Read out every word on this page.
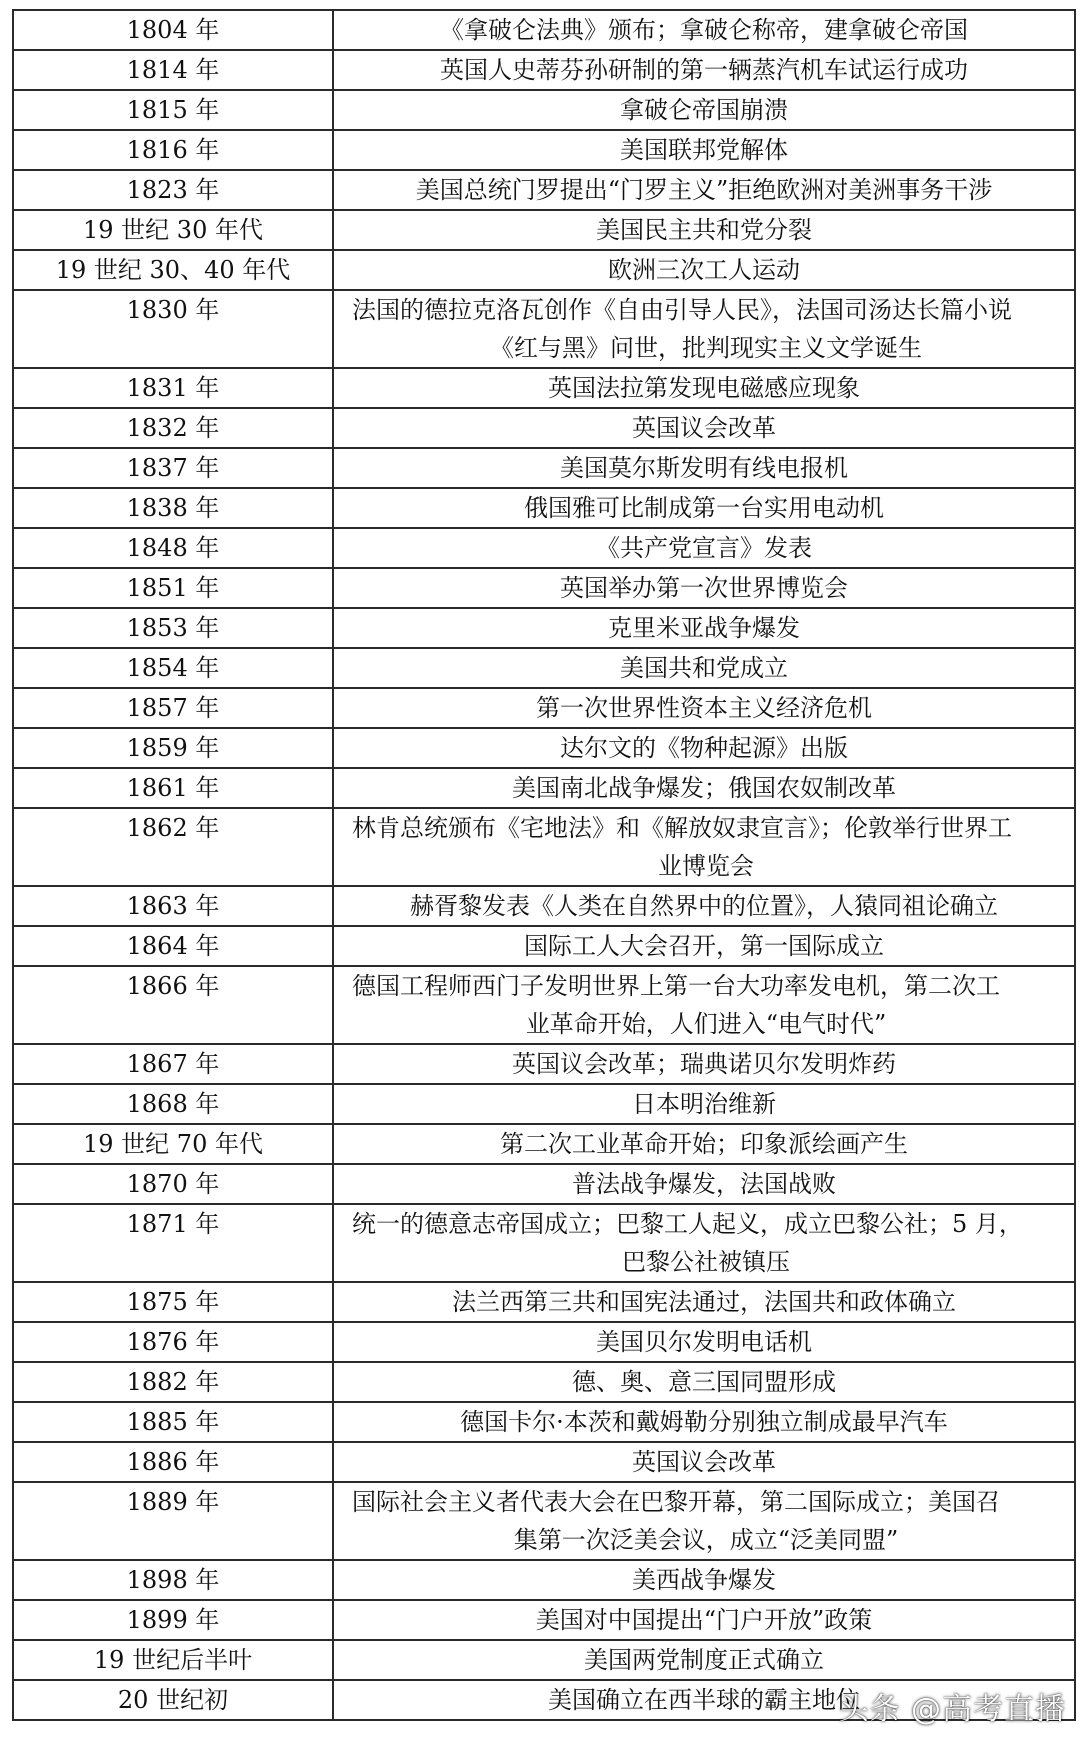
1804 年	《拿破仑法典》颁布；拿破仑称帝，建拿破仑帝国
1814 年	英国人史蒂芬孙研制的第一辆蒸汽机车试运行成功
1815 年	拿破仑帝国崩溃
1816 年	美国联邦党解体
1823 年	美国总统门罗提出“门罗主义”拒绝欧洲对美洲事务干涉
19 世纪 30 年代	美国民主共和党分裂
19 世纪 30、40 年代	欧洲三次工人运动
1830 年	法国的德拉克洛瓦创作《自由引导人民》，法国司汤达长篇小说
《红与黑》问世，批判现实主义文学诞生

1831 年	英国法拉第发现电磁感应现象
1832 年	英国议会改革
1837 年	美国莫尔斯发明有线电报机
1838 年	俄国雅可比制成第一台实用电动机
1848 年	《共产党宣言》发表
1851 年	英国举办第一次世界博览会
1853 年	克里米亚战争爆发
1854 年	美国共和党成立
1857 年	第一次世界性资本主义经济危机
1859 年	达尔文的《物种起源》出版
1861 年	美国南北战争爆发；俄国农奴制改革
1862 年	林肯总统颁布《宅地法》和《解放奴隶宣言》；伦敦举行世界工
业博览会

1863 年	赫胥黎发表《人类在自然界中的位置》，人猿同祖论确立
1864 年	国际工人大会召开，第一国际成立
1866 年	德国工程师西门子发明世界上第一台大功率发电机，第二次工
业革命开始，人们进入“电气时代”

1867 年	英国议会改革；瑞典诺贝尔发明炸药
1868 年	日本明治维新
19 世纪 70 年代	第二次工业革命开始；印象派绘画产生
1870 年	普法战争爆发，法国战败
1871 年	统一的德意志帝国成立；巴黎工人起义，成立巴黎公社；5 月，
巴黎公社被镇压

1875 年	法兰西第三共和国宪法通过，法国共和政体确立
1876 年	美国贝尔发明电话机
1882 年	德、奥、意三国同盟形成
1885 年	德国卡尔·本茨和戴姆勒分别独立制成最早汽车
1886 年	英国议会改革
1889 年	国际社会主义者代表大会在巴黎开幕，第二国际成立；美国召
集第一次泛美会议，成立“泛美同盟”

1898 年	美西战争爆发
1899 年	美国对中国提出“门户开放”政策
19 世纪后半叶	美国两党制度正式确立
20 世纪初	美国确立在西半球的霸主地位
头条 @高考直播
